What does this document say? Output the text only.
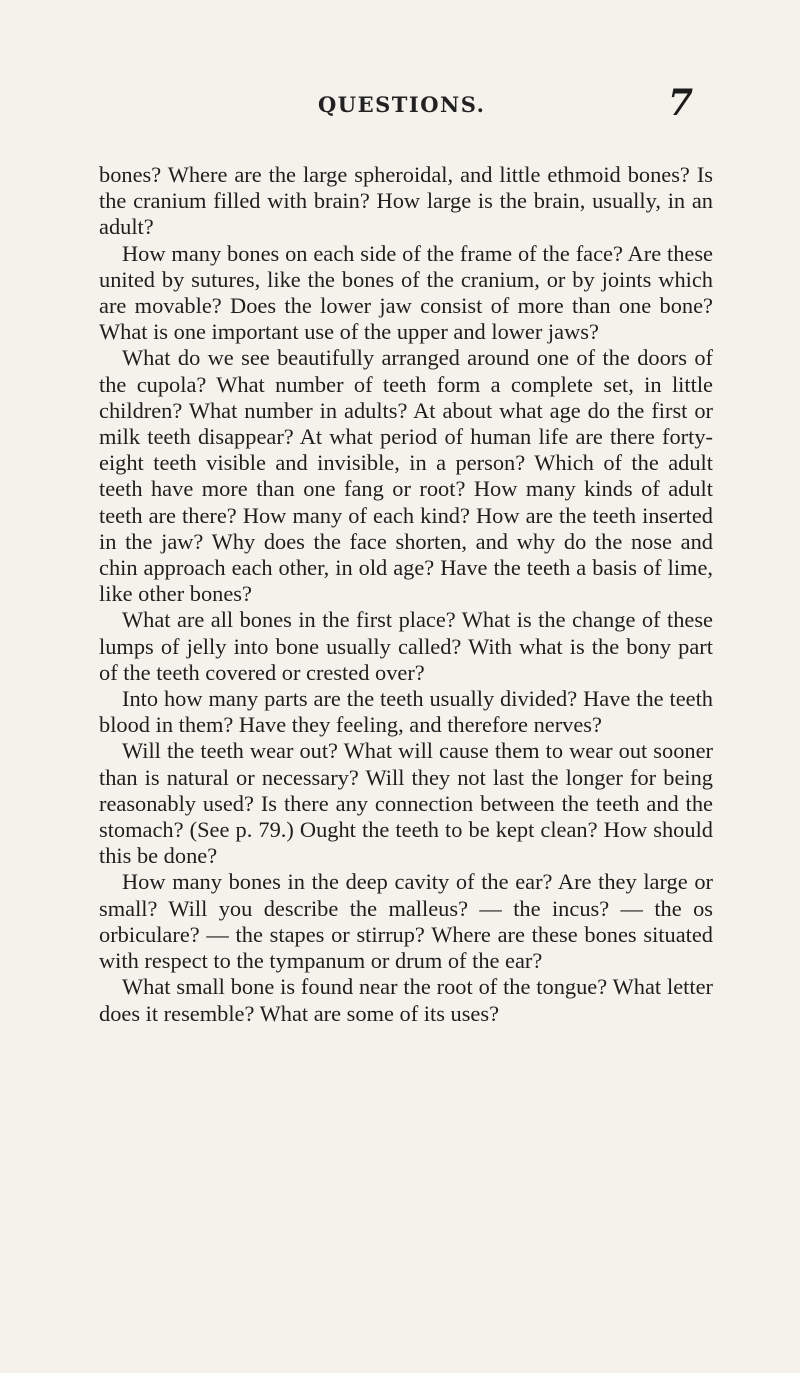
QUESTIONS.	7

bones? Where are the large spheroidal, and little ethmoid bones? Is the cranium filled with brain? How large is the brain, usually, in an adult?

How many bones on each side of the frame of the face? Are these united by sutures, like the bones of the cranium, or by joints which are movable? Does the lower jaw consist of more than one bone? What is one important use of the upper and lower jaws?

What do we see beautifully arranged around one of the doors of the cupola? What number of teeth form a complete set, in little children? What number in adults? At about what age do the first or milk teeth disappear? At what period of human life are there forty-eight teeth visible and invisible, in a person? Which of the adult teeth have more than one fang or root? How many kinds of adult teeth are there? How many of each kind? How are the teeth inserted in the jaw? Why does the face shorten, and why do the nose and chin approach each other, in old age? Have the teeth a basis of lime, like other bones?

What are all bones in the first place? What is the change of these lumps of jelly into bone usually called? With what is the bony part of the teeth covered or crested over?

Into how many parts are the teeth usually divided? Have the teeth blood in them? Have they feeling, and therefore nerves?

Will the teeth wear out? What will cause them to wear out sooner than is natural or necessary? Will they not last the longer for being reasonably used? Is there any connection between the teeth and the stomach? (See p. 79.) Ought the teeth to be kept clean? How should this be done?

How many bones in the deep cavity of the ear? Are they large or small? Will you describe the malleus? — the incus? — the os orbiculare? — the stapes or stirrup? Where are these bones situated with respect to the tympanum or drum of the ear?

What small bone is found near the root of the tongue? What letter does it resemble? What are some of its uses?
